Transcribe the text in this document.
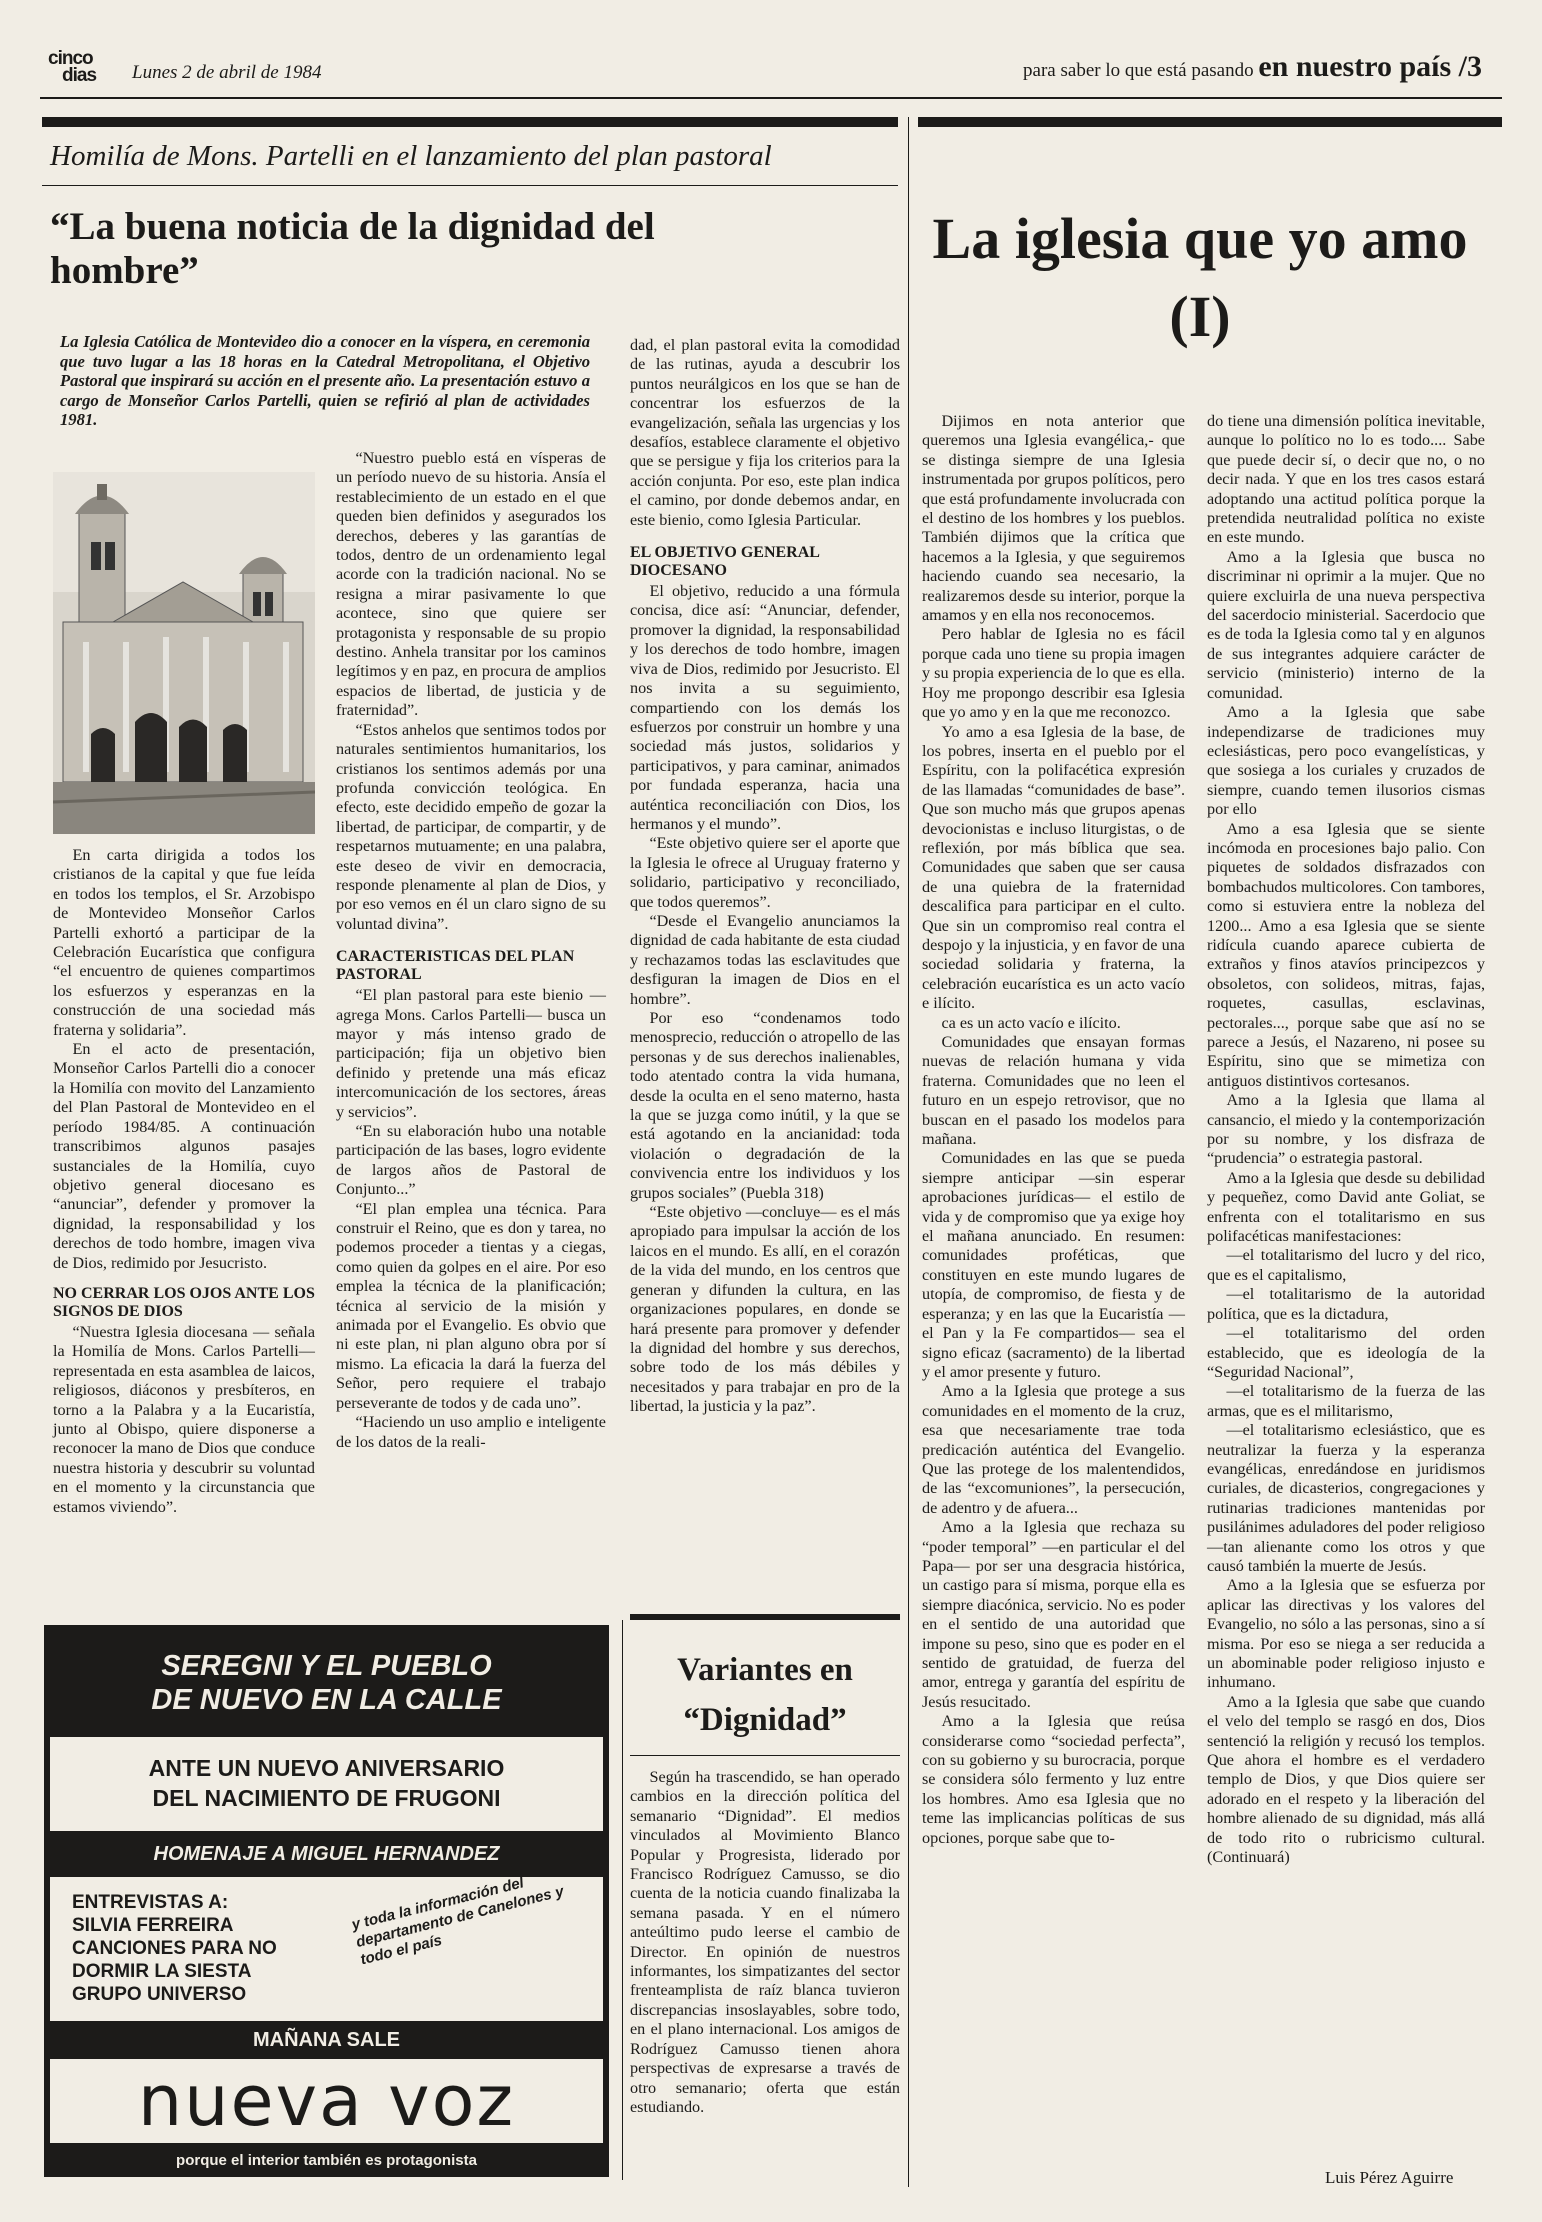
cinco
dias	Lunes 2 de abril de 1984	para saber lo que está pasando en nuestro país /3
Homilía de Mons. Partelli en el lanzamiento del plan pastoral
“La buena noticia de la dignidad del hombre”
La Iglesia Católica de Montevideo dio a conocer en la víspera, en ceremonia que tuvo lugar a las 18 horas en la Catedral Metropolitana, el Objetivo Pastoral que inspirará su acción en el presente año. La presentación estuvo a cargo de Monseñor Carlos Partelli, quien se refirió al plan de actividades 1981.

En carta dirigida a todos los cristianos de la capital y que fue leída en todos los templos, el Sr. Arzobispo de Montevideo Monseñor Carlos Partelli exhortó a participar de la Celebración Eucarística que configura “el encuentro de quienes compartimos los esfuerzos y esperanzas en la construcción de una sociedad más fraterna y solidaria”.

En el acto de presentación, Monseñor Carlos Partelli dio a conocer la Homilía con movito del Lanzamiento del Plan Pastoral de Montevideo en el período 1984/85. A continuación transcribimos algunos pasajes sustanciales de la Homilía, cuyo objetivo general diocesano es “anunciar”, defender y promover la dignidad, la responsabilidad y los derechos de todo hombre, imagen viva de Dios, redimido por Jesucristo.

NO CERRAR LOS OJOS ANTE LOS SIGNOS DE DIOS

“Nuestra Iglesia diocesana — señala la Homilía de Mons. Carlos Partelli— representada en esta asamblea de laicos, religiosos, diáconos y presbíteros, en torno a la Palabra y a la Eucaristía, junto al Obispo, quiere disponerse a reconocer la mano de Dios que conduce nuestra historia y descubrir su voluntad en el momento y la circunstancia que estamos viviendo”.

“Nuestro pueblo está en vísperas de un período nuevo de su historia. Ansía el restablecimiento de un estado en el que queden bien definidos y asegurados los derechos, deberes y las garantías de todos, dentro de un ordenamiento legal acorde con la tradición nacional. No se resigna a mirar pasivamente lo que acontece, sino que quiere ser protagonista y responsable de su propio destino. Anhela transitar por los caminos legítimos y en paz, en procura de amplios espacios de libertad, de justicia y de fraternidad”.

“Estos anhelos que sentimos todos por naturales sentimientos humanitarios, los cristianos los sentimos además por una profunda convicción teológica. En efecto, este decidido empeño de gozar la libertad, de participar, de compartir, y de respetarnos mutuamente; en una palabra, este deseo de vivir en democracia, responde plenamente al plan de Dios, y por eso vemos en él un claro signo de su voluntad divina”.

CARACTERISTICAS DEL PLAN PASTORAL

“El plan pastoral para este bienio —agrega Mons. Carlos Partelli— busca un mayor y más intenso grado de participación; fija un objetivo bien definido y pretende una más eficaz intercomunicación de los sectores, áreas y servicios”.

“En su elaboración hubo una notable participación de las bases, logro evidente de largos años de Pastoral de Conjunto...”

“El plan emplea una técnica. Para construir el Reino, que es don y tarea, no podemos proceder a tientas y a ciegas, como quien da golpes en el aire. Por eso emplea la técnica de la planificación; técnica al servicio de la misión y animada por el Evangelio. Es obvio que ni este plan, ni plan alguno obra por sí mismo. La eficacia la dará la fuerza del Señor, pero requiere el trabajo perseverante de todos y de cada uno”.

“Haciendo un uso amplio e inteligente de los datos de la reali-

dad, el plan pastoral evita la comodidad de las rutinas, ayuda a descubrir los puntos neurálgicos en los que se han de concentrar los esfuerzos de la evangelización, señala las urgencias y los desafíos, establece claramente el objetivo que se persigue y fija los criterios para la acción conjunta. Por eso, este plan indica el camino, por donde debemos andar, en este bienio, como Iglesia Particular.

EL OBJETIVO GENERAL DIOCESANO

El objetivo, reducido a una fórmula concisa, dice así: “Anunciar, defender, promover la dignidad, la responsabilidad y los derechos de todo hombre, imagen viva de Dios, redimido por Jesucristo. El nos invita a su seguimiento, compartiendo con los demás los esfuerzos por construir un hombre y una sociedad más justos, solidarios y participativos, y para caminar, animados por fundada esperanza, hacia una auténtica reconciliación con Dios, los hermanos y el mundo”.

“Este objetivo quiere ser el aporte que la Iglesia le ofrece al Uruguay fraterno y solidario, participativo y reconciliado, que todos queremos”.

“Desde el Evangelio anunciamos la dignidad de cada habitante de esta ciudad y rechazamos todas las esclavitudes que desfiguran la imagen de Dios en el hombre”.

Por eso “condenamos todo menosprecio, reducción o atropello de las personas y de sus derechos inalienables, todo atentado contra la vida humana, desde la oculta en el seno materno, hasta la que se juzga como inútil, y la que se está agotando en la ancianidad: toda violación o degradación de la convivencia entre los individuos y los grupos sociales” (Puebla 318)

“Este objetivo —concluye— es el más apropiado para impulsar la acción de los laicos en el mundo. Es allí, en el corazón de la vida del mundo, en los centros que generan y difunden la cultura, en las organizaciones populares, en donde se hará presente para promover y defender la dignidad del hombre y sus derechos, sobre todo de los más débiles y necesitados y para trabajar en pro de la libertad, la justicia y la paz”.

Variantes en “Dignidad”

Según ha trascendido, se han operado cambios en la dirección política del semanario “Dignidad”. El medios vinculados al Movimiento Blanco Popular y Progresista, liderado por Francisco Rodríguez Camusso, se dio cuenta de la noticia cuando finalizaba la semana pasada. Y en el número anteúltimo pudo leerse el cambio de Director. En opinión de nuestros informantes, los simpatizantes del sector frenteamplista de raíz blanca tuvieron discrepancias insoslayables, sobre todo, en el plano internacional. Los amigos de Rodríguez Camusso tienen ahora perspectivas de expresarse a través de otro semanario; oferta que están estudiando.

La iglesia que yo amo (I)

Dijimos en nota anterior que queremos una Iglesia evangélica,- que se distinga siempre de una Iglesia instrumentada por grupos políticos, pero que está profundamente involucrada con el destino de los hombres y los pueblos. También dijimos que la crítica que hacemos a la Iglesia, y que seguiremos haciendo cuando sea necesario, la realizaremos desde su interior, porque la amamos y en ella nos reconocemos.

Pero hablar de Iglesia no es fácil porque cada uno tiene su propia imagen y su propia experiencia de lo que es ella. Hoy me propongo describir esa Iglesia que yo amo y en la que me reconozco.

Yo amo a esa Iglesia de la base, de los pobres, inserta en el pueblo por el Espíritu, con la polifacética expresión de las llamadas “comunidades de base”. Que son mucho más que grupos apenas devocionistas e incluso liturgistas, o de reflexión, por más bíblica que sea. Comunidades que saben que ser causa de una quiebra de la fraternidad descalifica para participar en el culto. Que sin un compromiso real contra el despojo y la injusticia, y en favor de una sociedad solidaria y fraterna, la celebración eucarística es un acto vacío e ilícito.

ca es un acto vacío e ilícito.

Comunidades que ensayan formas nuevas de relación humana y vida fraterna. Comunidades que no leen el futuro en un espejo retrovisor, que no buscan en el pasado los modelos para mañana.

Comunidades en las que se pueda siempre anticipar —sin esperar aprobaciones jurídicas— el estilo de vida y de compromiso que ya exige hoy el mañana anunciado. En resumen: comunidades proféticas, que constituyen en este mundo lugares de utopía, de compromiso, de fiesta y de esperanza; y en las que la Eucaristía —el Pan y la Fe compartidos— sea el signo eficaz (sacramento) de la libertad y el amor presente y futuro.

Amo a la Iglesia que protege a sus comunidades en el momento de la cruz, esa que necesariamente trae toda predicación auténtica del Evangelio. Que las protege de los malentendidos, de las “excomuniones”, la persecución, de adentro y de afuera...

Amo a la Iglesia que rechaza su “poder temporal” —en particular el del Papa— por ser una desgracia histórica, un castigo para sí misma, porque ella es siempre diacónica, servicio. No es poder en el sentido de una autoridad que impone su peso, sino que es poder en el sentido de gratuidad, de fuerza del amor, entrega y garantía del espíritu de Jesús resucitado.

Amo a la Iglesia que reúsa considerarse como “sociedad perfecta”, con su gobierno y su burocracia, porque se considera sólo fermento y luz entre los hombres. Amo esa Iglesia que no teme las implicancias políticas de sus opciones, porque sabe que to-

do tiene una dimensión política inevitable, aunque lo político no lo es todo.... Sabe que puede decir sí, o decir que no, o no decir nada. Y que en los tres casos estará adoptando una actitud política porque la pretendida neutralidad política no existe en este mundo.

Amo a la Iglesia que busca no discriminar ni oprimir a la mujer. Que no quiere excluirla de una nueva perspectiva del sacerdocio ministerial. Sacerdocio que es de toda la Iglesia como tal y en algunos de sus integrantes adquiere carácter de servicio (ministerio) interno de la comunidad.

Amo a la Iglesia que sabe independizarse de tradiciones muy eclesiásticas, pero poco evangelísticas, y que sosiega a los curiales y cruzados de siempre, cuando temen ilusorios cismas por ello

Amo a esa Iglesia que se siente incómoda en procesiones bajo palio. Con piquetes de soldados disfrazados con bombachudos multicolores. Con tambores, como si estuviera entre la nobleza del 1200... Amo a esa Iglesia que se siente ridícula cuando aparece cubierta de extraños y finos atavíos principezcos y obsoletos, con solideos, mitras, fajas, roquetes, casullas, esclavinas, pectorales..., porque sabe que así no se parece a Jesús, el Nazareno, ni posee su Espíritu, sino que se mimetiza con antiguos distintivos cortesanos.

Amo a la Iglesia que llama al cansancio, el miedo y la contemporización por su nombre, y los disfraza de “prudencia” o estrategia pastoral.

Amo a la Iglesia que desde su debilidad y pequeñez, como David ante Goliat, se enfrenta con el totalitarismo en sus polifacéticas manifestaciones:

—el totalitarismo del lucro y del rico, que es el capitalismo,

—el totalitarismo de la autoridad política, que es la dictadura,

—el totalitarismo del orden establecido, que es ideología de la “Seguridad Nacional”,

—el totalitarismo de la fuerza de las armas, que es el militarismo,

—el totalitarismo eclesiástico, que es neutralizar la fuerza y la esperanza evangélicas, enredándose en juridismos curiales, de dicasterios, congregaciones y rutinarias tradiciones mantenidas por pusilánimes aduladores del poder religioso —tan alienante como los otros y que causó también la muerte de Jesús.

Amo a la Iglesia que se esfuerza por aplicar las directivas y los valores del Evangelio, no sólo a las personas, sino a sí misma. Por eso se niega a ser reducida a un abominable poder religioso injusto e inhumano.

Amo a la Iglesia que sabe que cuando el velo del templo se rasgó en dos, Dios sentenció la religión y recusó los templos. Que ahora el hombre es el verdadero templo de Dios, y que Dios quiere ser adorado en el respeto y la liberación del hombre alienado de su dignidad, más allá de todo rito o rubricismo cultural. (Continuará)

Luis Pérez Aguirre
SEREGNI Y EL PUEBLO
DE NUEVO EN LA CALLE
ANTE UN NUEVO ANIVERSARIO
DEL NACIMIENTO DE FRUGONI
HOMENAJE A MIGUEL HERNANDEZ
ENTREVISTAS A:
SILVIA FERREIRA
CANCIONES PARA NO
DORMIR LA SIESTA
GRUPO UNIVERSO
y toda la información del departamento de Canelones y todo el país
MAÑANA SALE
nueva voz
porque el interior también es protagonista
